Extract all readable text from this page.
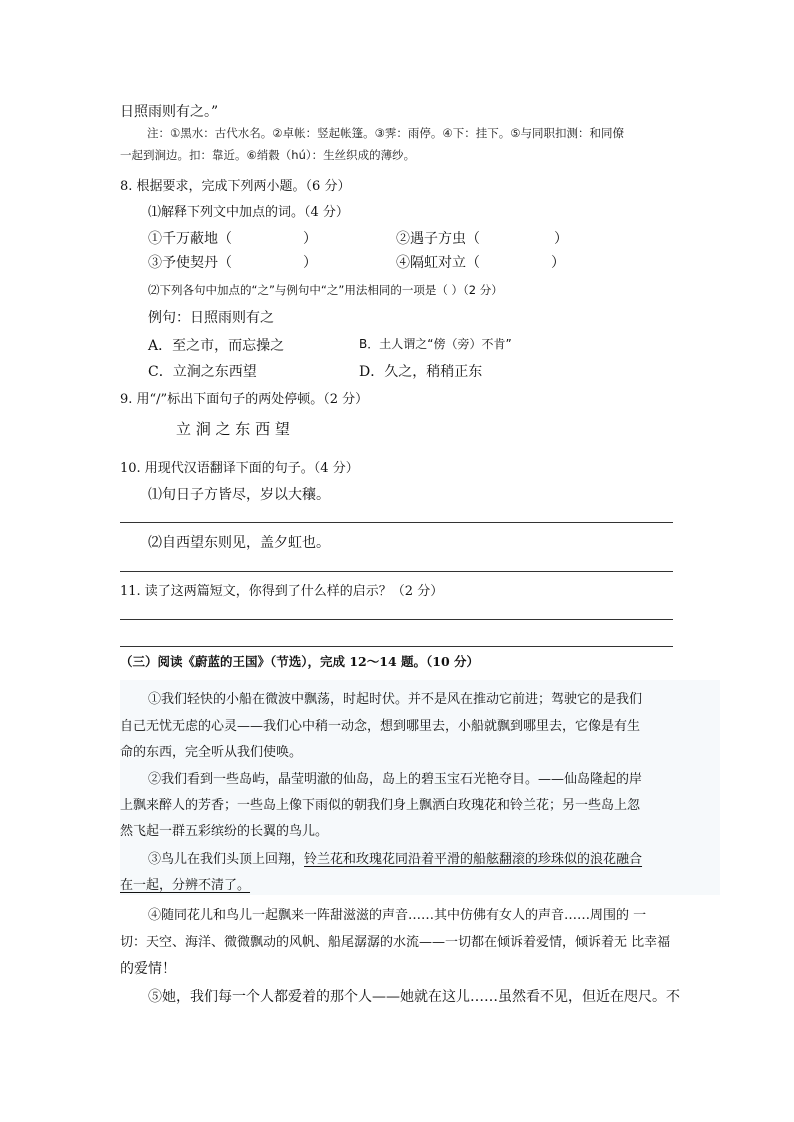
日照雨则有之。”
注：①黑水：古代水名。②卓帐：竖起帐篷。③霁：雨停。④下：挂下。⑤与同职扣测：和同僚
一起到涧边。扣：靠近。⑥绡縠（hú）：生丝织成的薄纱。
8. 根据要求，完成下列两小题。（6 分）
⑴解释下列文中加点的词。（4 分）
①千万蔽地（	）	②遇子方虫（	）
③予使契丹（	）	④隔虹对立（	）
⑵下列各句中加点的“之”与例句中“之”用法相同的一项是（ ）（2 分）
例句：日照雨则有之
A．至之市，而忘操之	B．土人谓之“傍（旁）不肯”
C．立涧之东西望	D．久之，稍稍正东
9. 用“/”标出下面句子的两处停顿。（2 分）
立 涧 之 东 西 望
10. 用现代汉语翻译下面的句子。（4 分）
⑴旬日子方皆尽，岁以大穰。
⑵自西望东则见，盖夕虹也。
11. 读了这两篇短文，你得到了什么样的启示？（2 分）
（三）阅读《蔚蓝的王国》（节选），完成 12～14 题。（10 分）
①我们轻快的小船在微波中飘荡，时起时伏。并不是风在推动它前进；驾驶它的是我们
自己无忧无虑的心灵——我们心中稍一动念，想到哪里去，小船就飘到哪里去，它像是有生
命的东西，完全听从我们使唤。
②我们看到一些岛屿，晶莹明澈的仙岛，岛上的碧玉宝石光艳夺目。——仙岛隆起的岸
上飘来醉人的芳香；一些岛上像下雨似的朝我们身上飘洒白玫瑰花和铃兰花；另一些岛上忽
然飞起一群五彩缤纷的长翼的鸟儿。
③鸟儿在我们头顶上回翔，铃兰花和玫瑰花同沿着平滑的船舷翻滚的珍珠似的浪花融合
在一起，分辨不清了。
④随同花儿和鸟儿一起飘来一阵甜滋滋的声音……其中仿佛有女人的声音……周围的 一
切：天空、海洋、微微飘动的风帆、船尾潺潺的水流——一切都在倾诉着爱情，倾诉着无 比幸福
的爱情！
⑤她，我们每一个人都爱着的那个人——她就在这儿……虽然看不见，但近在咫尺。不
